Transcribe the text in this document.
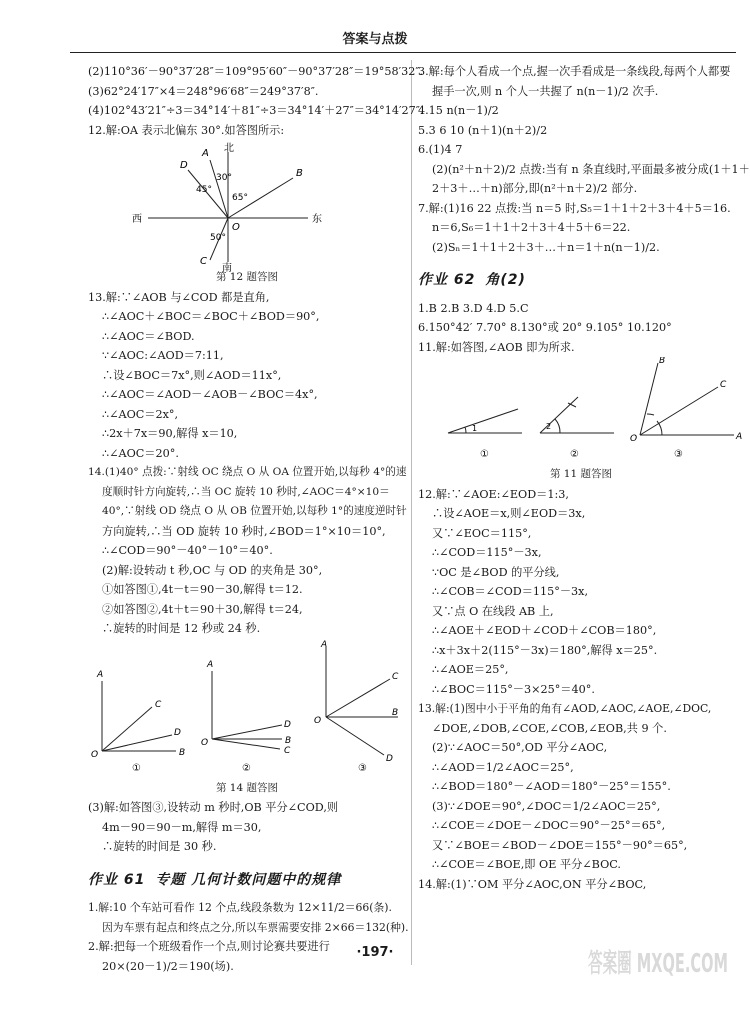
答案与点拨
(2)110°36′－90°37′28″＝109°95′60″－90°37′28″＝19°58′32″.
(3)62°24′17″×4＝248°96′68″＝249°37′8″.
(4)102°43′21″÷3＝34°14′＋81″÷3＝34°14′＋27″＝34°14′27″.
12.解:OA 表示北偏东 30°.如答图所示:
北
南
西	东
30°
45°
65°
50°
D
A
B
C
O
第 12 题答图
13.解:∵∠AOB 与∠COD 都是直角,
∴∠AOC＋∠BOC＝∠BOC＋∠BOD＝90°,
∴∠AOC＝∠BOD.
∵∠AOC:∠AOD＝7:11,
∴设∠BOC＝7x°,则∠AOD＝11x°,
∴∠AOC＝∠AOD－∠AOB－∠BOC＝4x°,
∴∠AOC＝2x°,
∴2x＋7x＝90,解得 x＝10,
∴∠AOC＝20°.
14.(1)40° 点拨:∵射线 OC 绕点 O 从 OA 位置开始,以每秒 4°的速
度顺时针方向旋转,∴当 OC 旋转 10 秒时,∠AOC＝4°×10＝
40°,∵射线 OD 绕点 O 从 OB 位置开始,以每秒 1°的速度逆时针
方向旋转,∴当 OD 旋转 10 秒时,∠BOD＝1°×10＝10°,
∴∠COD＝90°－40°－10°＝40°.
(2)解:设转动 t 秒,OC 与 OD 的夹角是 30°,
①如答图①,4t－t＝90－30,解得 t＝12.
②如答图②,4t＋t＝90＋30,解得 t＝24,
∴旋转的时间是 12 秒或 24 秒.
A
B
C
D
O
①
A
B
C
D
O
②
A
B
C
D
O
③
第 14 题答图
(3)解:如答图③,设转动 m 秒时,OB 平分∠COD,则
4m－90＝90－m,解得 m＝30,
∴旋转的时间是 30 秒.
作业 61 专题 几何计数问题中的规律
1.解:10 个车站可看作 12 个点,线段条数为 12×11/2＝66(条).
因为车票有起点和终点之分,所以车票需要安排 2×66＝132(种).
2.解:把每一个班级看作一个点,则讨论赛共要进行
20×(20－1)/2＝190(场).
3.解:每个人看成一个点,握一次手看成是一条线段,每两个人都要
握手一次,则 n 个人一共握了 n(n－1)/2 次手.
4.15 n(n－1)/2
5.3 6 10 (n＋1)(n＋2)/2
6.(1)4 7
(2)(n²＋n＋2)/2 点拨:当有 n 条直线时,平面最多被分成(1＋1＋
2＋3＋…＋n)部分,即(n²＋n＋2)/2 部分.
7.解:(1)16 22 点拨:当 n＝5 时,S₅＝1＋1＋2＋3＋4＋5＝16.
n＝6,S₆＝1＋1＋2＋3＋4＋5＋6＝22.
(2)Sₙ＝1＋1＋2＋3＋…＋n＝1＋n(n－1)/2.
作业 62 角(2)
1.B 2.B 3.D 4.D 5.C
6.150°42′ 7.70° 8.130°或 20° 9.105° 10.120°
11.解:如答图,∠AOB 即为所求.
1
①
2
②
B
C
A
O
③
第 11 题答图
12.解:∵∠AOE:∠EOD＝1:3,
∴设∠AOE＝x,则∠EOD＝3x,
又∵∠EOC＝115°,
∴∠COD＝115°－3x,
∵OC 是∠BOD 的平分线,
∴∠COB＝∠COD＝115°－3x,
又∵点 O 在线段 AB 上,
∴∠AOE＋∠EOD＋∠COD＋∠COB＝180°,
∴x＋3x＋2(115°－3x)＝180°,解得 x＝25°.
∴∠AOE＝25°,
∴∠BOC＝115°－3×25°＝40°.
13.解:(1)图中小于平角的角有∠AOD,∠AOC,∠AOE,∠DOC,
∠DOE,∠DOB,∠COE,∠COB,∠EOB,共 9 个.
(2)∵∠AOC＝50°,OD 平分∠AOC,
∴∠AOD＝1/2∠AOC＝25°,
∴∠BOD＝180°－∠AOD＝180°－25°＝155°.
(3)∵∠DOE＝90°,∠DOC＝1/2∠AOC＝25°,
∴∠COE＝∠DOE－∠DOC＝90°－25°＝65°,
又∵∠BOE＝∠BOD－∠DOE＝155°－90°＝65°,
∴∠COE＝∠BOE,即 OE 平分∠BOC.
14.解:(1)∵OM 平分∠AOC,ON 平分∠BOC,
·197·	答案圈 MXQE.COM
